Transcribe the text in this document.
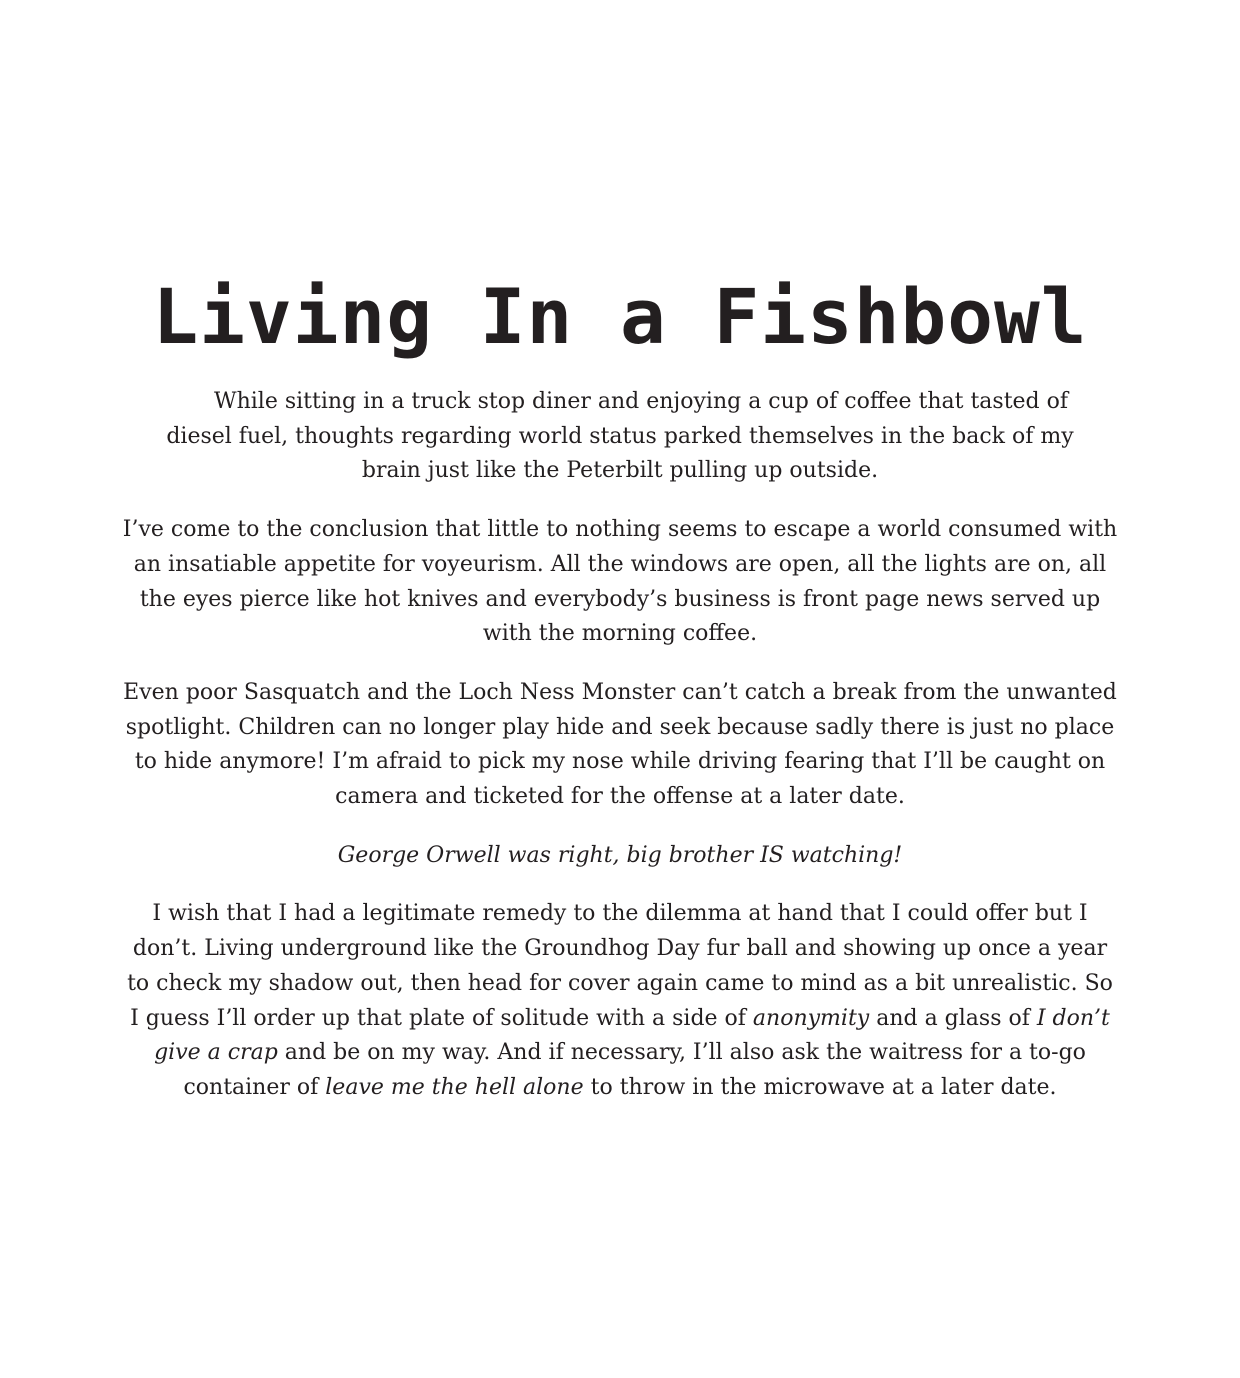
Living In a Fishbowl

While sitting in a truck stop diner and enjoying a cup of coffee that tasted of diesel fuel, thoughts regarding world status parked themselves in the back of my brain just like the Peterbilt pulling up outside.

I’ve come to the conclusion that little to nothing seems to escape a world consumed with an insatiable appetite for voyeurism. All the windows are open, all the lights are on, all the eyes pierce like hot knives and everybody’s business is front page news served up with the morning coffee.

Even poor Sasquatch and the Loch Ness Monster can’t catch a break from the unwanted spotlight. Children can no longer play hide and seek because sadly there is just no place to hide anymore! I’m afraid to pick my nose while driving fearing that I’ll be caught on camera and ticketed for the offense at a later date.

George Orwell was right, big brother IS watching!

I wish that I had a legitimate remedy to the dilemma at hand that I could offer but I don’t. Living underground like the Groundhog Day fur ball and showing up once a year to check my shadow out, then head for cover again came to mind as a bit unrealistic. So I guess I’ll order up that plate of solitude with a side of anonymity and a glass of I don’t give a crap and be on my way. And if necessary, I’ll also ask the waitress for a to-go container of leave me the hell alone to throw in the microwave at a later date.
